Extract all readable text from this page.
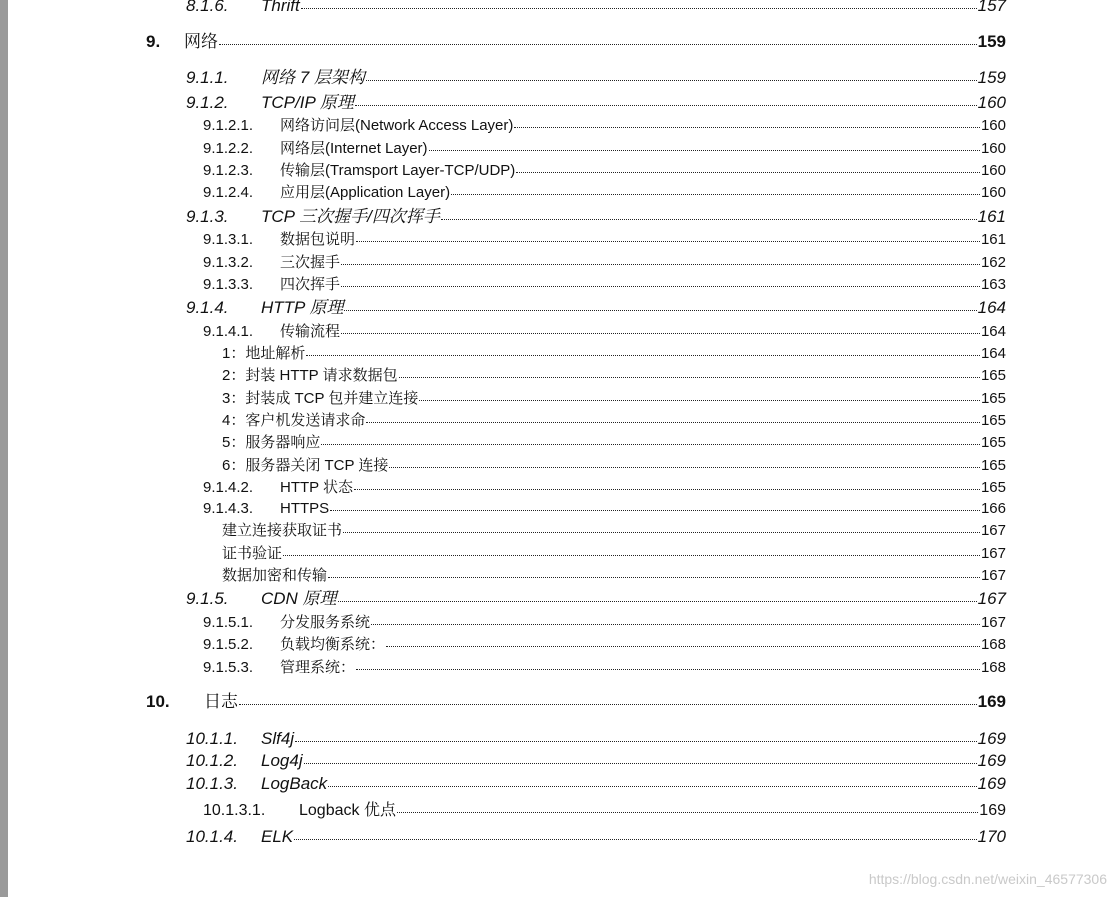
8.1.6.	Thrift	157
9.	网络	159
9.1.1.	网络 7 层架构	159
9.1.2.	TCP/IP 原理	160
9.1.2.1.	网络访问层(Network Access Layer)	160
9.1.2.2.	网络层(Internet Layer)	160
9.1.2.3.	传输层(Tramsport Layer-TCP/UDP)	160
9.1.2.4.	应用层(Application Layer)	160
9.1.3.	TCP 三次握手/四次挥手	161
9.1.3.1.	数据包说明	161
9.1.3.2.	三次握手	162
9.1.3.3.	四次挥手	163
9.1.4.	HTTP 原理	164
9.1.4.1.	传输流程	164
1：地址解析	164
2：封装 HTTP 请求数据包	165
3：封装成 TCP 包并建立连接	165
4：客户机发送请求命	165
5：服务器响应	165
6：服务器关闭 TCP 连接	165
9.1.4.2.	HTTP 状态	165
9.1.4.3.	HTTPS	166
建立连接获取证书	167
证书验证	167
数据加密和传输	167
9.1.5.	CDN 原理	167
9.1.5.1.	分发服务系统	167
9.1.5.2.	负载均衡系统：	168
9.1.5.3.	管理系统：	168
10.	日志	169
10.1.1.	Slf4j	169
10.1.2.	Log4j	169
10.1.3.	LogBack	169
10.1.3.1.	Logback 优点	169
10.1.4.	ELK	170
https://blog.csdn.net/weixin_46577306
